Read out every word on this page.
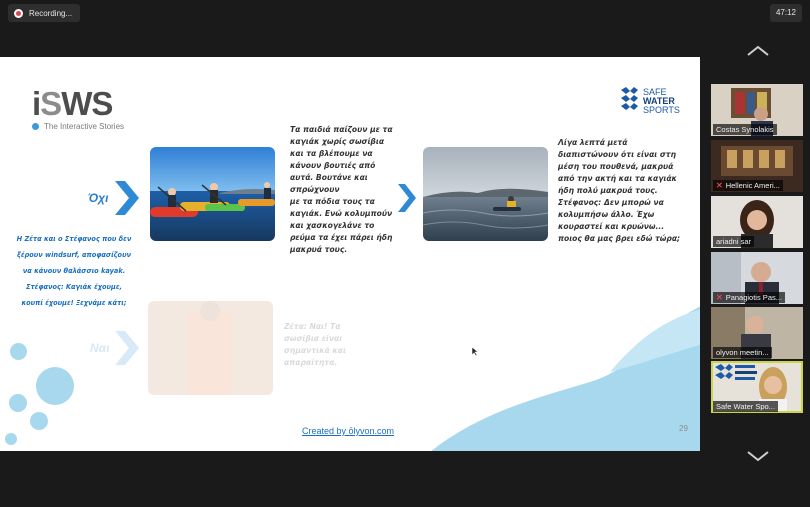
Recording...	47:12
iSWS
The Interactive Stories
SAFE
WATER
SPORTS
Η Ζέτα και ο Στέφανος που δεν
ξέρουν windsurf, αποφασίζουν
να κάνουν θαλάσσιο kayak.
Στέφανος: Καγιάκ έχουμε,
κουπί έχουμε! Ξεχνάμε κάτι;
Όχι
Τα παιδιά παίζουν με τα
καγιάκ χωρίς σωσίβια
και τα βλέπουμε να
κάνουν βουτιές από
αυτά. Βουτάνε και
σπρώχνουν
με τα πόδια τους τα
καγιάκ. Ενώ κολυμπούν
και χασκογελάνε το
ρεύμα τα έχει πάρει ήδη
μακρυά τους.
Λίγα λεπτά μετά
διαπιστώνουν ότι είναι στη
μέση του πουθενά, μακρυά
από την ακτή και τα καγιάκ
ήδη πολύ μακρυά τους.
Στέφανος: Δεν μπορώ να
κολυμπήσω άλλο. Έχω
κουραστεί και κρυώνω...
ποιος θα μας βρει εδώ τώρα;
Ναι
Ζέτα: Ναι! Τα
σωσίβια είναι
σημαντικά και
απαραίτητα.
Created by ōlyvon.com	29
Costas Synolakis
✕ Hellenic Ameri...
ariadni sar
✕ Panagiotis Pas...
olyvon meetin...
Safe Water Spo...
